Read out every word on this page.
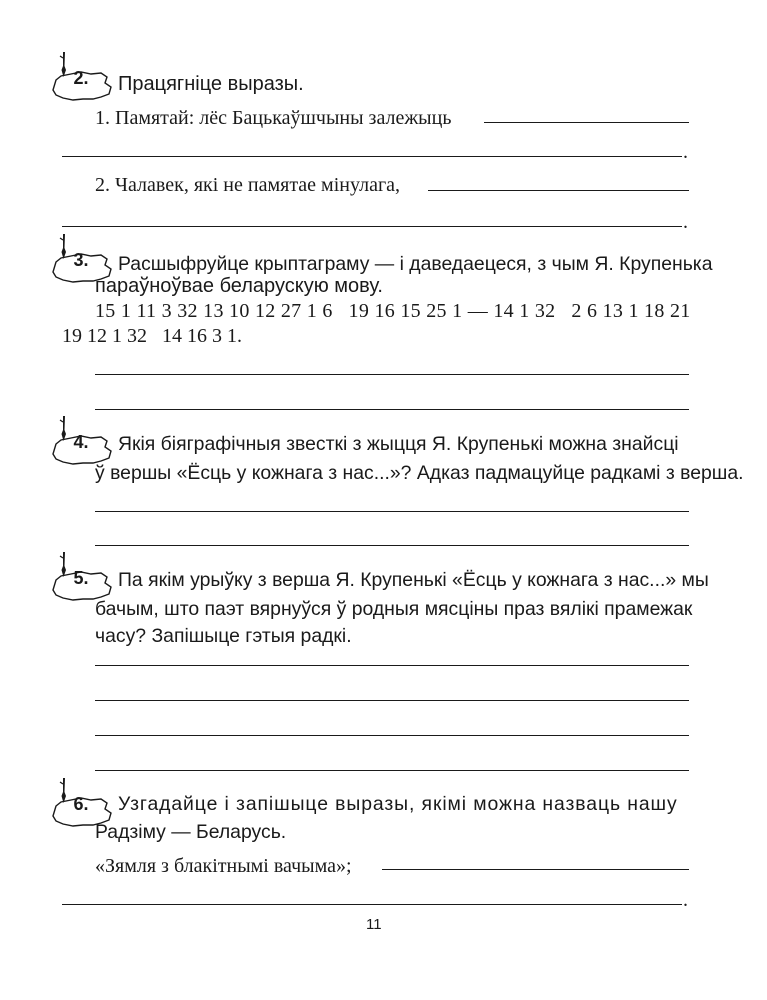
2.	Працягніце выразы.
1. Памятай: лёс Бацькаўшчыны залежыць
.
2. Чалавек, які не памятае мінулага,
.
3.	Расшыфруйце крыптаграму — і даведаецеся, з чым Я. Крупенька
параўноўвае беларускую мову.
15 1 11 3 32 13 10 12 27 1 6   19 16 15 25 1 — 14 1 32   2 6 13 1 18 21
19 12 1 32   14 16 3 1.
4.	Якія біяграфічныя звесткі з жыцця Я. Крупенькі можна знайсці
ў вершы «Ёсць у кожнага з нас...»? Адказ падмацуйце радкамі з верша.
5.	Па якім урыўку з верша Я. Крупенькі «Ёсць у кожнага з нас...» мы
бачым, што паэт вярнуўся ў родныя мясціны праз вялікі прамежак
часу? Запішыце гэтыя радкі.
6.	Узгадайце і запішыце выразы, якімі можна назваць нашу
Радзіму — Беларусь.
«Зямля з блакітнымі вачыма»;
.
11
